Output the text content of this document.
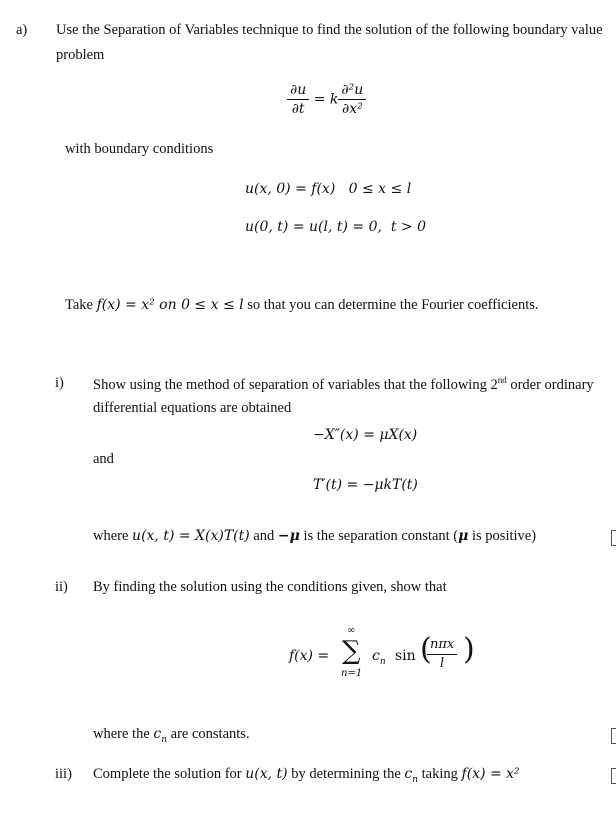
a) Use the Separation of Variables technique to find the solution of the following boundary value
problem
$\frac{\partial u}{\partial t} = k \frac{\text{∂²u}}{\text{∂x²}}$
with boundary conditions
u(x, 0) = f(x)   0 ≤ x ≤ l
u(0, t) = u(l, t) = 0,  t > 0
Take f(x) = x² on 0 ≤ x ≤ l so that you can determine the Fourier coefficients.
i) Show using the method of separation of variables that the following 2nd order ordinary
differential equations are obtained
−X″(x) = μX(x)
and
T′(t) = −μkT(t)
where u(x, t) = X(x)T(t) and −μ is the separation constant (μ is positive)
ii) By finding the solution using the conditions given, show that
f(x) =
∞
∑
n=1
$c_n$ sin (
nπx
l )
where the $c_n$ are constants.
iii) Complete the solution for u(x, t) by determining the $c_n$ taking f(x) = x²
